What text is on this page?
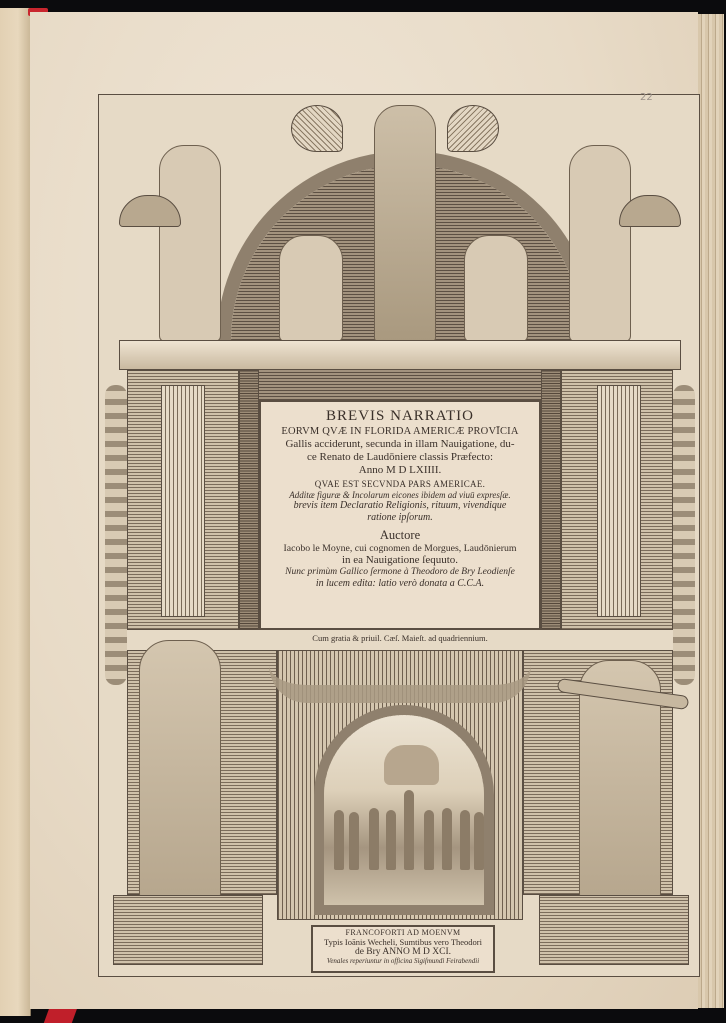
BREVIS NARRATIO
EORVM QVÆ IN FLORIDA AMERICÆ PROVĪCIA
Gallis acciderunt, secunda in illam Nauigatione, du-
ce Renato de Laudōniere classis Præfecto:
Anno M D LXIIII.
QVAE EST SECVNDA PARS AMERICAE.
Additæ figuræ & Incolarum eicones ibidem ad viuū expresſæ.
brevis item Declaratio Religionis, rituum, vivendique
ratione ipſorum.
Auctore
Iacobo le Moyne, cui cognomen de Morgues, Laudōnierum
in ea Nauigatione ſequuto.
Nunc primùm Gallico ſermone à Theodoro de Bry Leodienſe
in lucem edita: latio verò donata a C.C.A.
Cum gratia & priuil. Cæſ. Maieſt. ad quadriennium.
FRANCOFORTI AD MOENVM
Typis Ioānis Wecheli, Sumtibus vero Theodori
de Bry ANNO M D XCI.
Venales reperiuntur in officina Sigiſmundi Feirabendii
22
